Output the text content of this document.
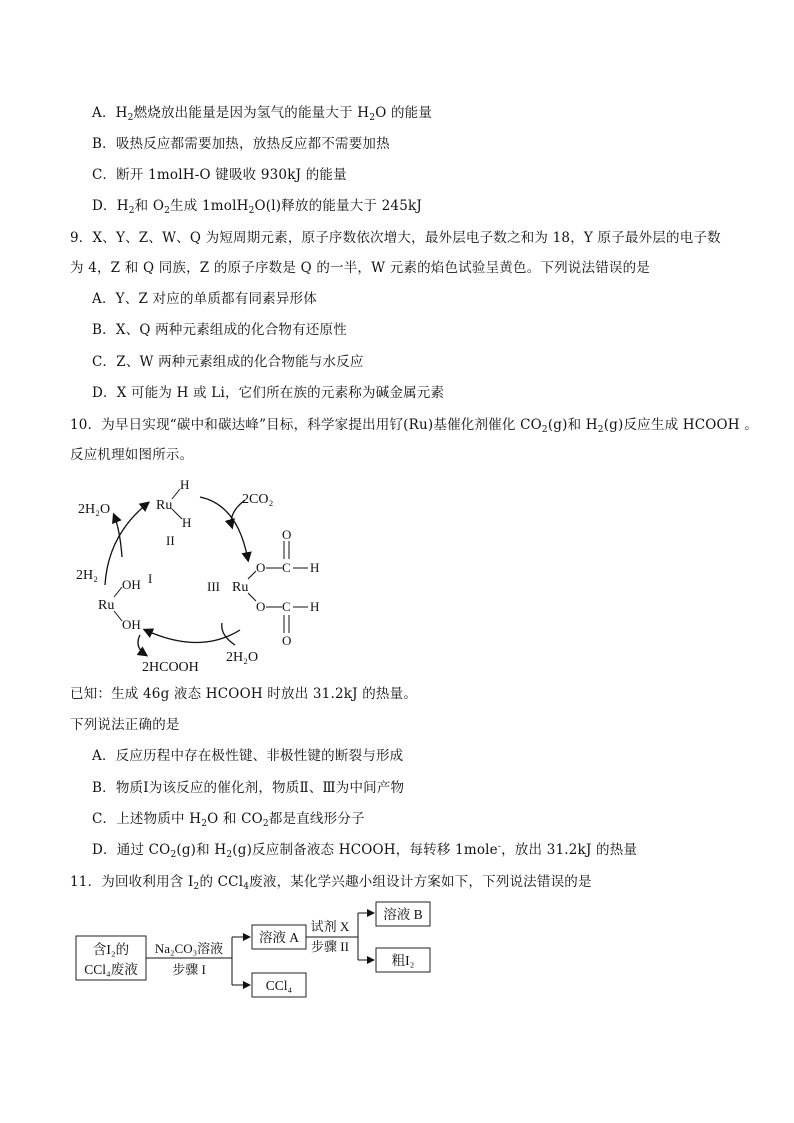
A．$H_2$燃烧放出能量是因为氢气的能量大于 $H_2O$ 的能量
B．吸热反应都需要加热，放热反应都不需要加热
C．断开 1molH-O 键吸收 930kJ 的能量
D．$H_2$和 $O_2$生成 1molH$_2$O(l)释放的能量大于 245kJ
9．X、Y、Z、W、Q 为短周期元素，原子序数依次增大，最外层电子数之和为 18，Y 原子最外层的电子数
为 4，Z 和 Q 同族，Z 的原子序数是 Q 的一半，W 元素的焰色试验呈黄色。下列说法错误的是
A．Y、Z 对应的单质都有同素异形体
B．X、Q 两种元素组成的化合物有还原性
C．Z、W 两种元素组成的化合物能与水反应
D．X 可能为 H 或 Li，它们所在族的元素称为碱金属元素
10．为早日实现“碳中和碳达峰”目标，科学家提出用钌(Ru)基催化剂催化 $CO_2(g)$和 $H_2(g)$反应生成 HCOOH 。
反应机理如图所示。
2H₂O	Ru
H
H
II
2CO₂
2H₂
OH
Ru
OH
I
III Ru
O
O
C
C
O
O
H
H
2HCOOH
2H₂O
已知：生成 46g 液态 HCOOH 时放出 31.2kJ 的热量。
下列说法正确的是
A．反应历程中存在极性键、非极性键的断裂与形成
B．物质Ⅰ为该反应的催化剂，物质Ⅱ、Ⅲ为中间产物
C．上述物质中 $H_2O$ 和 $CO_2$都是直线形分子
D．通过 $CO_2(g)$和 $H_2(g)$反应制备液态 HCOOH，每转移 1mole-，放出 31.2kJ 的热量
11．为回收利用含 $I_2$的 CCl$_4$废液，某化学兴趣小组设计方案如下，下列说法错误的是
含I₂的
CCl₄废液
Na₂CO₃溶液
步骤 I
溶液 A
CCl₄
试剂 X
步骤 II
溶液 B
粗I₂
